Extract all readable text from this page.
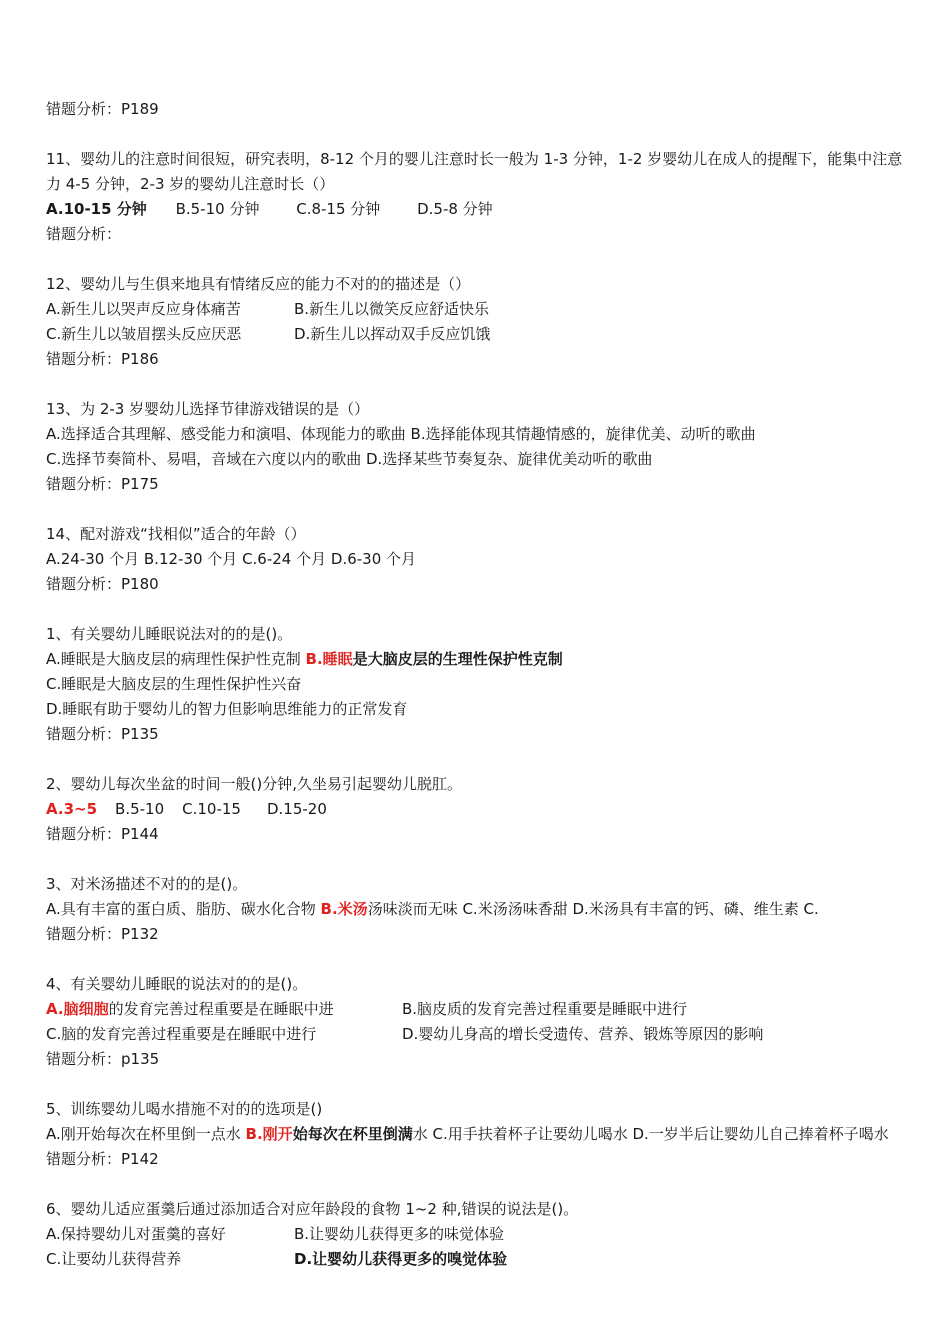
错题分析：P189
11、婴幼儿的注意时间很短，研究表明，8-12 个月的婴儿注意时长一般为 1-3 分钟，1-2 岁婴幼儿在成人的提醒下，能集中注意力 4-5 分钟，2-3 岁的婴幼儿注意时长（）
A.10-15 分钟 B.5-10 分钟 C.8-15 分钟 D.5-8 分钟
错题分析：
12、婴幼儿与生俱来地具有情绪反应的能力不对的的描述是（）
A.新生儿以哭声反应身体痛苦	B.新生儿以微笑反应舒适快乐
C.新生儿以皱眉摆头反应厌恶	D.新生儿以挥动双手反应饥饿
错题分析：P186
13、为 2-3 岁婴幼儿选择节律游戏错误的是（）
A.选择适合其理解、感受能力和演唱、体现能力的歌曲 B.选择能体现其情趣情感的，旋律优美、动听的歌曲
C.选择节奏简朴、易唱，音域在六度以内的歌曲 D.选择某些节奏复杂、旋律优美动听的歌曲
错题分析：P175
14、配对游戏“找相似”适合的年龄（）
A.24-30 个月 B.12-30 个月 C.6-24 个月 D.6-30 个月
错题分析：P180
1、有关婴幼儿睡眠说法对的的是()。
A.睡眠是大脑皮层的病理性保护性克制 B.睡眠是大脑皮层的生理性保护性克制
C.睡眠是大脑皮层的生理性保护性兴奋
D.睡眠有助于婴幼儿的智力但影响思维能力的正常发育
错题分析：P135
2、婴幼儿每次坐盆的时间一般()分钟,久坐易引起婴幼儿脱肛。
A.3~5 B.5-10 C.10-15 D.15-20
错题分析：P144
3、对米汤描述不对的的是()。
A.具有丰富的蛋白质、脂肪、碳水化合物 B.米汤汤味淡而无味 C.米汤汤味香甜 D.米汤具有丰富的钙、磷、维生素 C.
错题分析：P132
4、有关婴幼儿睡眠的说法对的的是()。
A.脑细胞的发育完善过程重要是在睡眠中进	B.脑皮质的发育完善过程重要是睡眠中进行
C.脑的发育完善过程重要是在睡眠中进行	D.婴幼儿身高的增长受遗传、营养、锻炼等原因的影响
错题分析：p135
5、训练婴幼儿喝水措施不对的的选项是()
A.刚开始每次在杯里倒一点水 B.刚开始每次在杯里倒满水 C.用手扶着杯子让要幼儿喝水 D.一岁半后让婴幼儿自己捧着杯子喝水
错题分析：P142
6、婴幼儿适应蛋羹后通过添加适合对应年龄段的食物 1~2 种,错误的说法是()。
A.保持婴幼儿对蛋羹的喜好	B.让婴幼儿获得更多的味觉体验
C.让要幼儿获得营养	D.让婴幼儿获得更多的嗅觉体验
